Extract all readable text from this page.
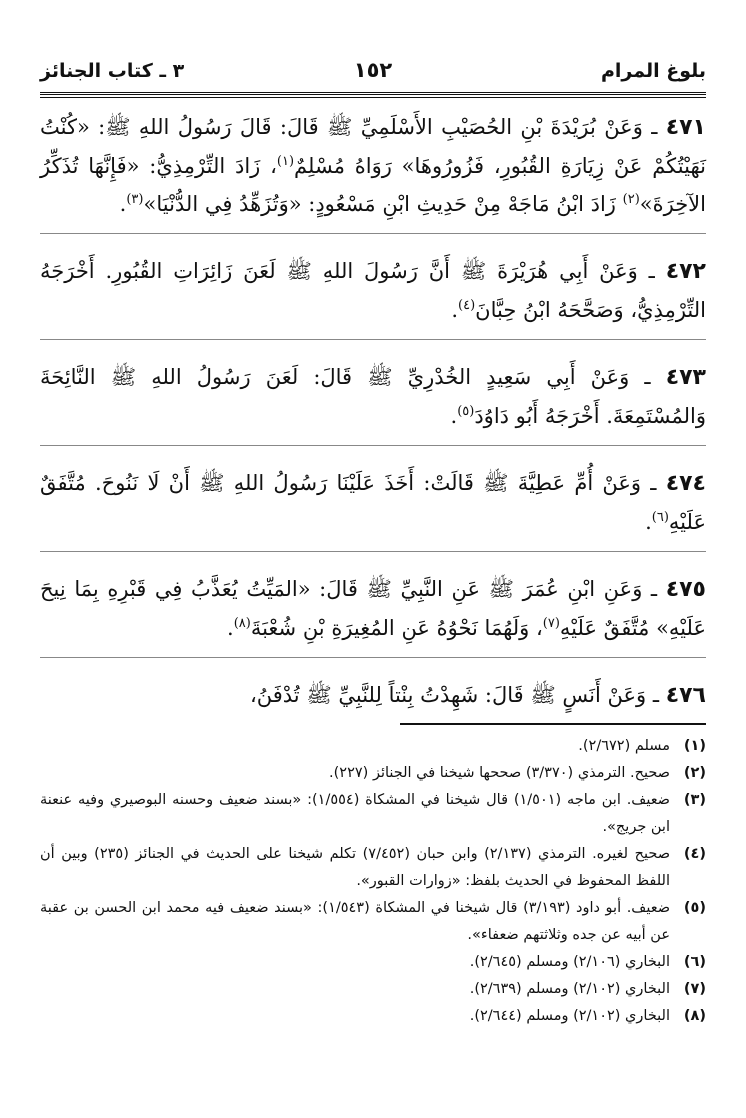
بلوغ المرام
١٥٢
٣ ـ كتاب الجنائز

٤٧١ ـ وَعَنْ بُرَيْدَةَ بْنِ الحُصَيْبِ الأَسْلَمِيِّ ﷺ قَالَ: قَالَ رَسُولُ اللهِ ﷺ: «كُنْتُ نَهَيْتُكُمْ عَنْ زِيَارَةِ القُبُورِ، فَزُورُوهَا» رَوَاهُ مُسْلِمٌ$^{(١)}$، زَادَ التِّرْمِذِيُّ: «فَإِنَّهَا تُذَكِّرُ الآخِرَةَ»$^{(٢)}$ زَادَ ابْنُ مَاجَهْ مِنْ حَدِيثِ ابْنِ مَسْعُودٍ: «وَتُزَهِّدُ فِي الدُّنْيَا»$^{(٣)}$.

٤٧٢ ـ وَعَنْ أَبِي هُرَيْرَةَ ﷺ أَنَّ رَسُولَ اللهِ ﷺ لَعَنَ زَائِرَاتِ القُبُورِ. أَخْرَجَهُ التِّرْمِذِيُّ، وَصَحَّحَهُ ابْنُ حِبَّانَ$^{(٤)}$.

٤٧٣ ـ وَعَنْ أَبِي سَعِيدٍ الخُدْرِيِّ ﷺ قَالَ: لَعَنَ رَسُولُ اللهِ ﷺ النَّائِحَةَ وَالمُسْتَمِعَةَ. أَخْرَجَهُ أَبُو دَاوُدَ$^{(٥)}$.

٤٧٤ ـ وَعَنْ أُمِّ عَطِيَّةَ ﷺ قَالَتْ: أَخَذَ عَلَيْنَا رَسُولُ اللهِ ﷺ أَنْ لَا نَنُوحَ. مُتَّفَقٌ عَلَيْهِ$^{(٦)}$.

٤٧٥ ـ وَعَنِ ابْنِ عُمَرَ ﷺ عَنِ النَّبِيِّ ﷺ قَالَ: «المَيِّتُ يُعَذَّبُ فِي قَبْرِهِ بِمَا نِيحَ عَلَيْهِ» مُتَّفَقٌ عَلَيْهِ$^{(٧)}$، وَلَهُمَا نَحْوُهُ عَنِ المُغِيرَةِ بْنِ شُعْبَةَ$^{(٨)}$.

٤٧٦ ـ وَعَنْ أَنَسٍ ﷺ قَالَ: شَهِدْتُ بِنْتاً لِلنَّبِيِّ ﷺ تُدْفَنُ،

(١)
مسلم (٢/٦٧٢).
(٢)
صحيح. الترمذي (٣/٣٧٠) صححها شيخنا في الجنائز (٢٢٧).
(٣)
ضعيف. ابن ماجه (١/٥٠١) قال شيخنا في المشكاة (١/٥٥٤): «بسند ضعيف وحسنه البوصيري وفيه عنعنة ابن جريج».
(٤)
صحيح لغيره. الترمذي (٢/١٣٧) وابن حبان (٧/٤٥٢) تكلم شيخنا على الحديث في الجنائز (٢٣٥) وبين أن اللفظ المحفوظ في الحديث بلفظ: «زوارات القبور».
(٥)
ضعيف. أبو داود (٣/١٩٣) قال شيخنا في المشكاة (١/٥٤٣): «بسند ضعيف فيه محمد ابن الحسن بن عقبة عن أبيه عن جده وثلاثتهم ضعفاء».
(٦)
البخاري (٢/١٠٦) ومسلم (٢/٦٤٥).
(٧)
البخاري (٢/١٠٢) ومسلم (٢/٦٣٩).
(٨)
البخاري (٢/١٠٢) ومسلم (٢/٦٤٤).
